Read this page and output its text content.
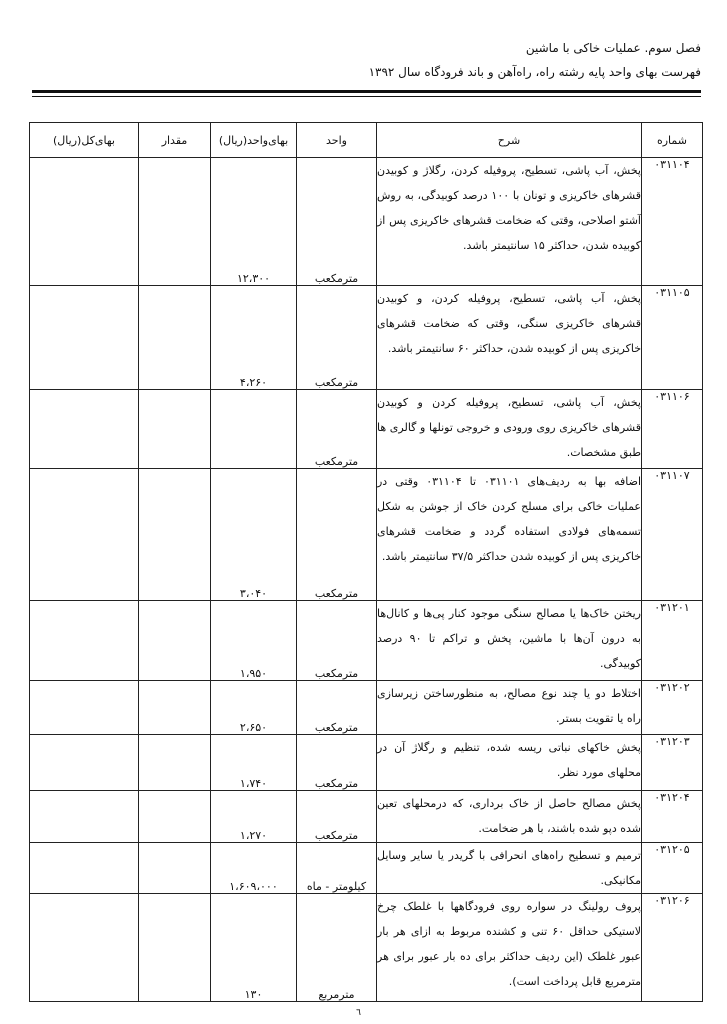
فصل سوم. عملیات خاکی با ماشین
فهرست بهای واحد پایه رشته راه، راه‌آهن و باند فرودگاه سال ۱۳۹۲
شماره	شرح	واحد	بهای‌واحد(ریال)	مقدار	بهای‌کل(ریال)
۰۳۱۱۰۴	پخش، آب پاشی، تسطیح، پروفیله کردن، رگلاژ و کوبیدن قشرهای خاکریزی و تونان با ۱۰۰ درصد کوبیدگی، به روش آشتو اصلاحی، وقتی که ضخامت قشرهای خاکریزی پس از کوبیده شدن، حداکثر ۱۵ سانتیمتر باشد.	مترمکعب	۱۲،۳۰۰		
۰۳۱۱۰۵	پخش، آب پاشی، تسطیح، پروفیله کردن، و کوبیدن قشرهای خاکریزی سنگی، وقتی که ضخامت قشرهای خاکریزی پس از کوبیده شدن، حداکثر ۶۰ سانتیمتر باشد.	مترمکعب	۴،۲۶۰		
۰۳۱۱۰۶	پخش، آب پاشی، تسطیح، پروفیله کردن و کوبیدن قشرهای خاکریزی روی ورودی و خروجی تونلها و گالری ها طبق مشخصات.	مترمکعب			
۰۳۱۱۰۷	اضافه بها به ردیف‌های ۰۳۱۱۰۱ تا ۰۳۱۱۰۴ وقتی در عملیات خاکی برای مسلح کردن خاک از جوشن به شکل تسمه‌های فولادی استفاده گردد و ضخامت قشرهای خاکریزی پس از کوبیده شدن حداکثر ۳۷/۵ سانتیمتر باشد.	مترمکعب	۳،۰۴۰		
۰۳۱۲۰۱	ریختن خاک‌ها یا مصالح سنگی موجود کنار پی‌ها و کانال‌ها به درون آن‌ها با ماشین، پخش و تراکم تا ۹۰ درصد کوبیدگی.	مترمکعب	۱،۹۵۰		
۰۳۱۲۰۲	اختلاط دو یا چند نوع مصالح، به منظورساختن زیرسازی راه یا تقویت بستر.	مترمکعب	۲،۶۵۰		
۰۳۱۲۰۳	پخش خاکهای نباتی ریسه شده، تنظیم و رگلاژ آن در محلهای مورد نظر.	مترمکعب	۱،۷۴۰		
۰۳۱۲۰۴	پخش مصالح حاصل از خاک برداری، که درمحلهای تعین شده دپو شده باشند، با هر ضخامت.	مترمکعب	۱،۲۷۰		
۰۳۱۲۰۵	ترمیم و تسطیح راه‌های انحرافی با گریدر یا سایر وسایل مکانیکی.	کیلومتر - ماه	۱،۶۰۹،۰۰۰		
۰۳۱۲۰۶	پروف رولینگ در سواره روی فرودگاهها با غلطک چرخ لاستیکی حداقل ۶۰ تنی و کشنده مربوط به ازای هر بار عبور غلطک (این ردیف حداکثر برای ده بار عبور برای هر مترمربع قابل پرداخت است).	مترمربع	۱۳۰		
٦
